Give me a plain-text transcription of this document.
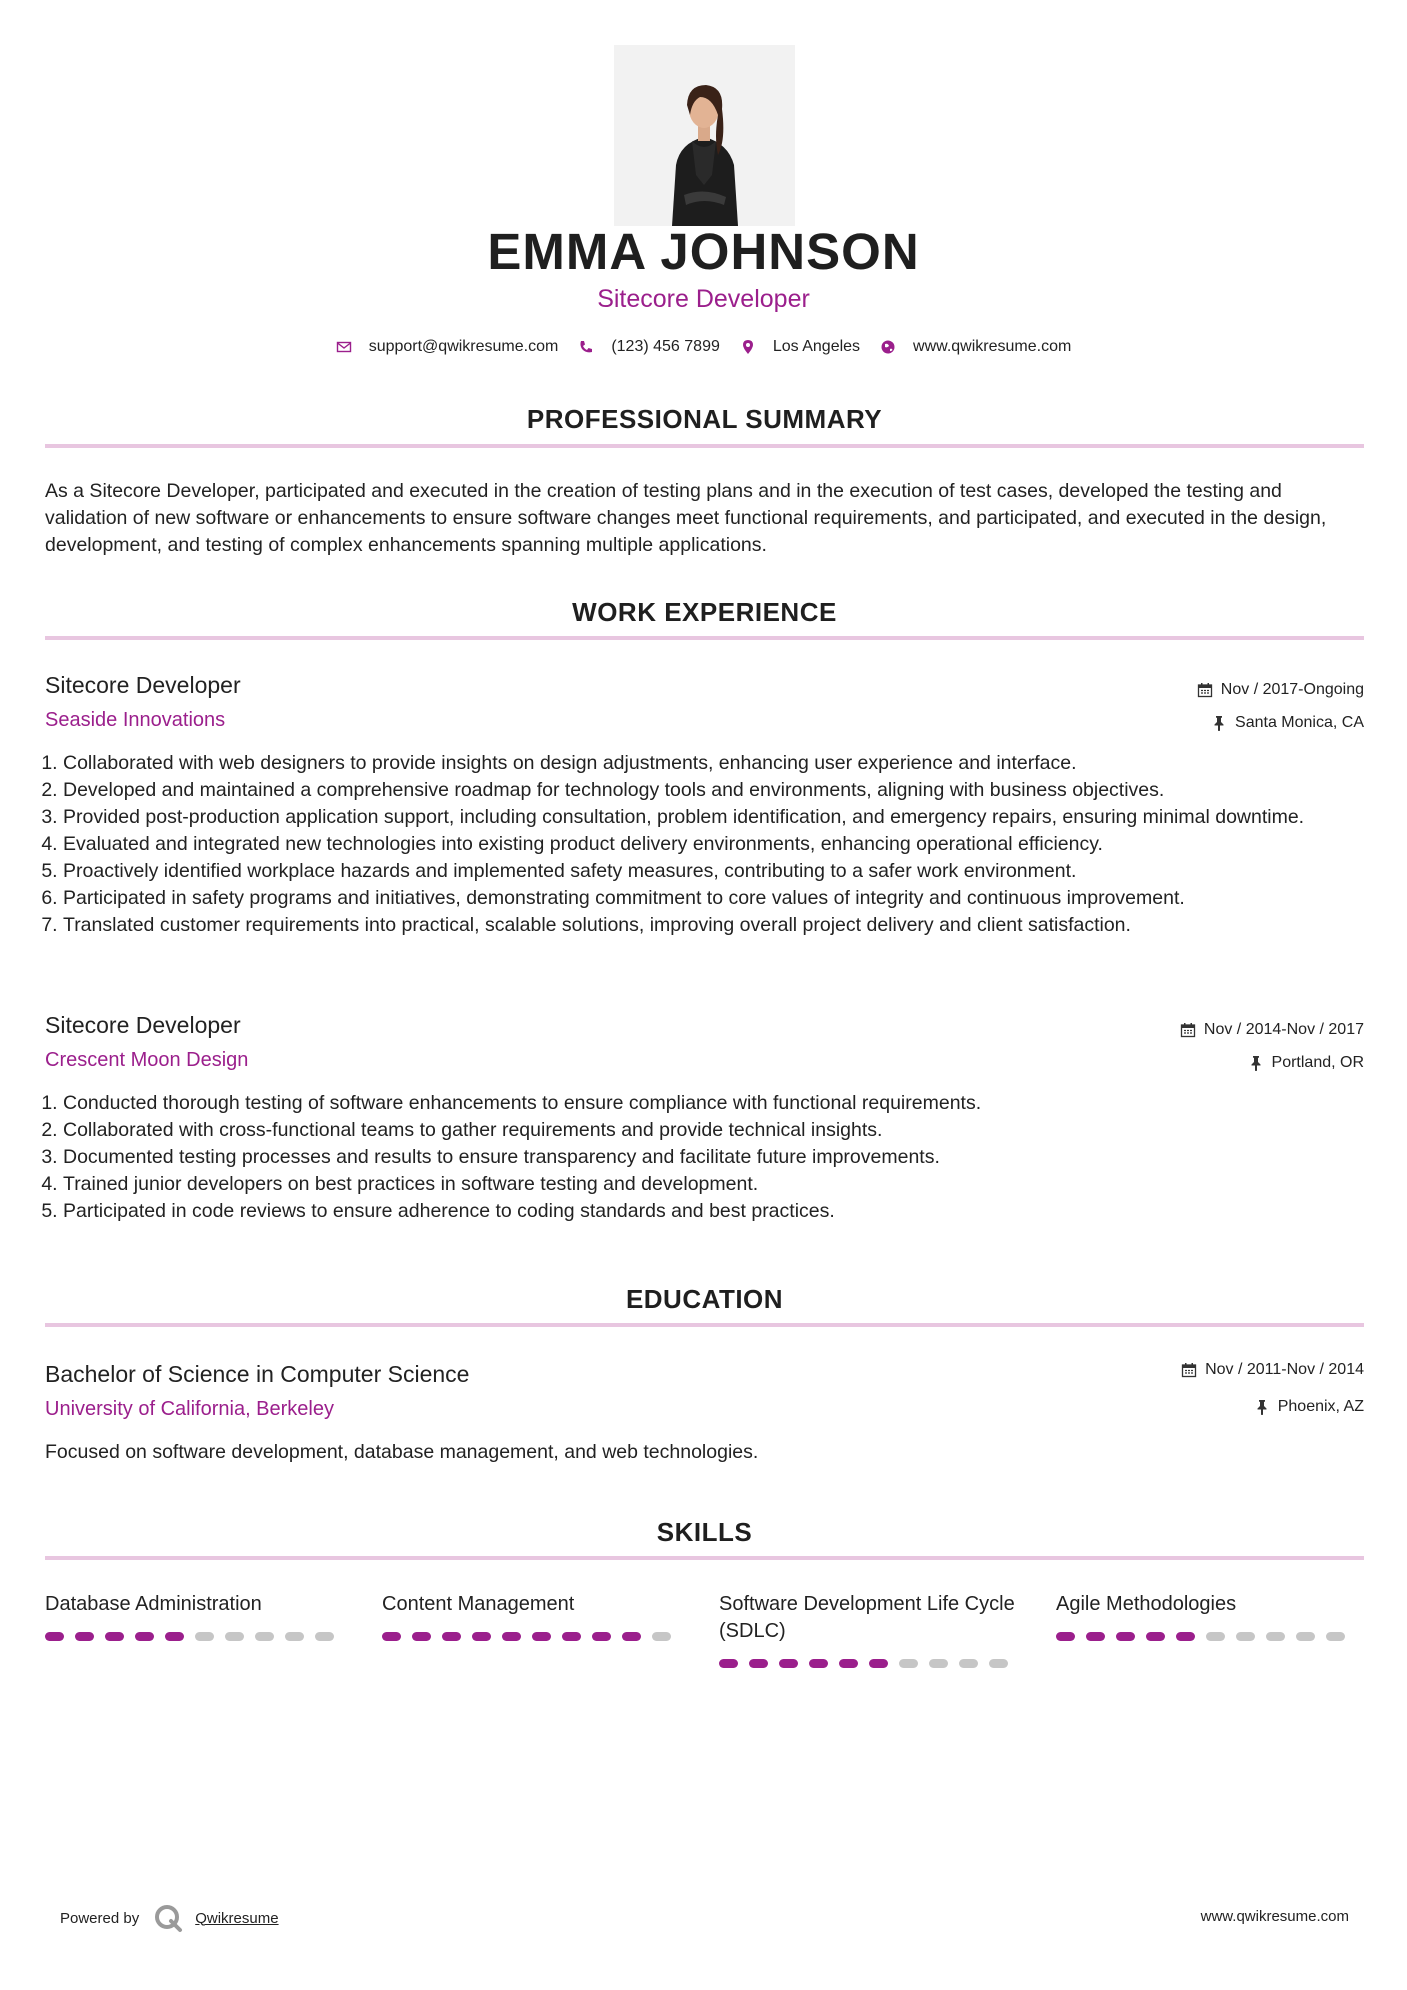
EMMA JOHNSON
Sitecore Developer
support@qwikresume.com	(123) 456 7899	Los Angeles	www.qwikresume.com
PROFESSIONAL SUMMARY
As a Sitecore Developer, participated and executed in the creation of testing plans and in the execution of test cases, developed the testing and validation of new software or enhancements to ensure software changes meet functional requirements, and participated, and executed in the design, development, and testing of complex enhancements spanning multiple applications.
WORK EXPERIENCE
Sitecore Developer
Seaside Innovations
Nov / 2017-Ongoing
Santa Monica, CA
1. Collaborated with web designers to provide insights on design adjustments, enhancing user experience and interface.
2. Developed and maintained a comprehensive roadmap for technology tools and environments, aligning with business objectives.
3. Provided post-production application support, including consultation, problem identification, and emergency repairs, ensuring minimal downtime.
4. Evaluated and integrated new technologies into existing product delivery environments, enhancing operational efficiency.
5. Proactively identified workplace hazards and implemented safety measures, contributing to a safer work environment.
6. Participated in safety programs and initiatives, demonstrating commitment to core values of integrity and continuous improvement.
7. Translated customer requirements into practical, scalable solutions, improving overall project delivery and client satisfaction.
Sitecore Developer
Crescent Moon Design
Nov / 2014-Nov / 2017
Portland, OR
1. Conducted thorough testing of software enhancements to ensure compliance with functional requirements.
2. Collaborated with cross-functional teams to gather requirements and provide technical insights.
3. Documented testing processes and results to ensure transparency and facilitate future improvements.
4. Trained junior developers on best practices in software testing and development.
5. Participated in code reviews to ensure adherence to coding standards and best practices.
EDUCATION
Bachelor of Science in Computer Science
University of California, Berkeley
Nov / 2011-Nov / 2014
Phoenix, AZ
Focused on software development, database management, and web technologies.
SKILLS
Database Administration	Content Management	Software Development Life Cycle (SDLC)
Agile Methodologies
Powered by	Qwikresume	www.qwikresume.com
